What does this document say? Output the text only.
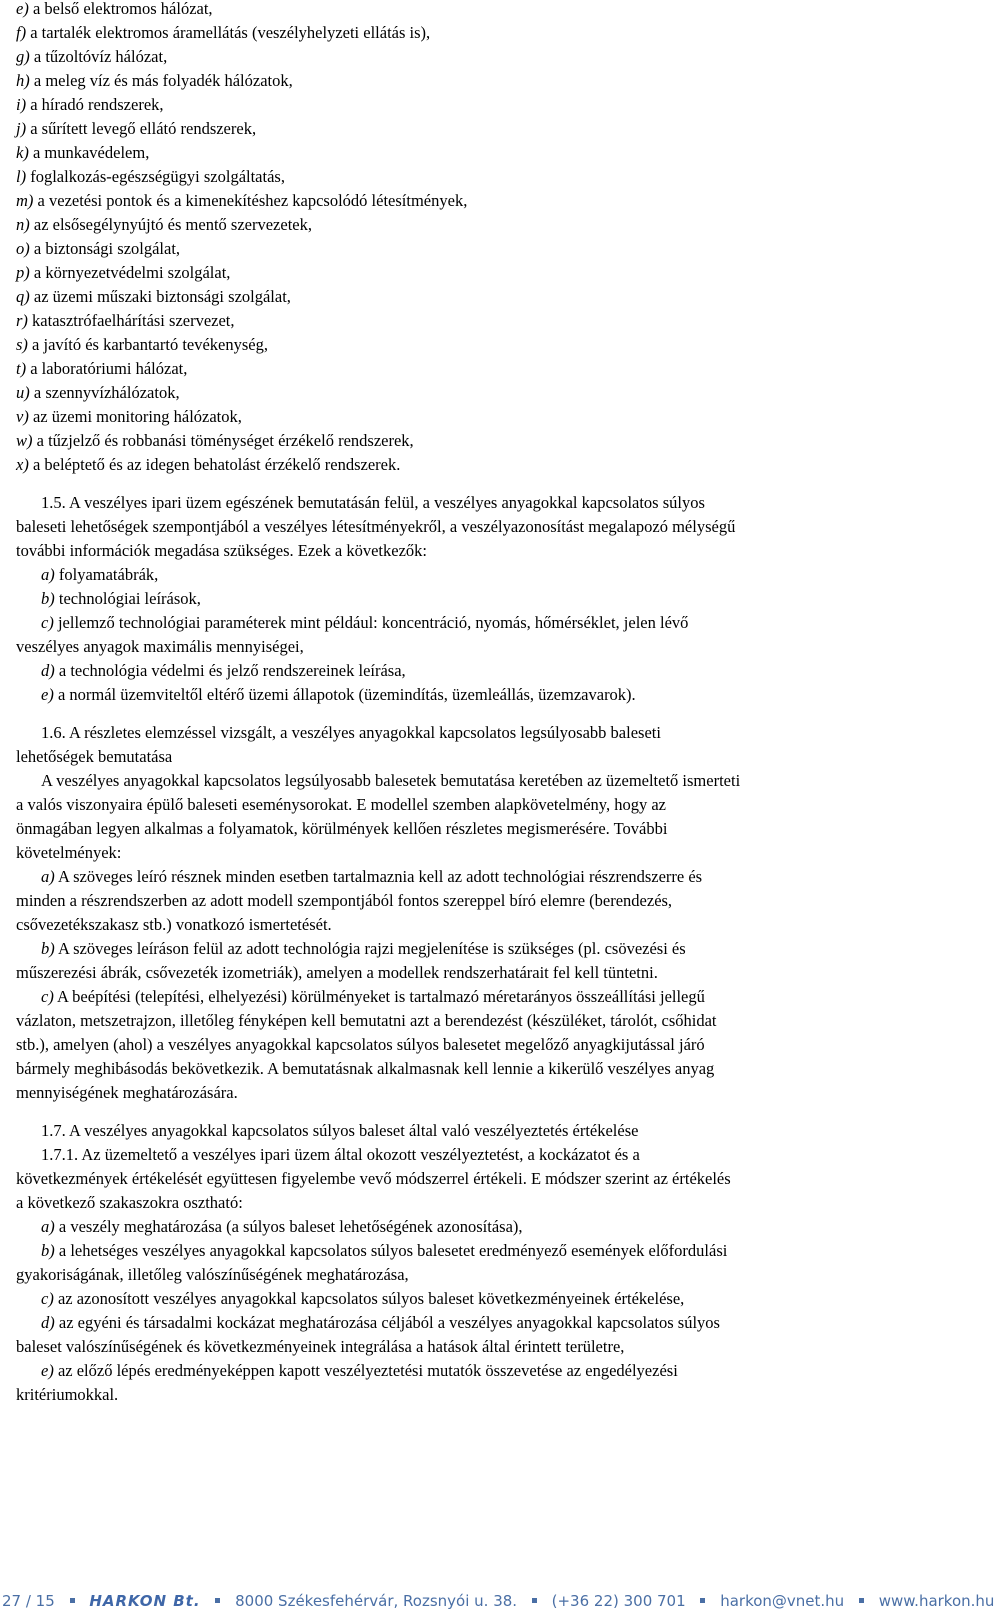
e) a belső elektromos hálózat,
f) a tartalék elektromos áramellátás (veszélyhelyzeti ellátás is),
g) a tűzoltóvíz hálózat,
h) a meleg víz és más folyadék hálózatok,
i) a híradó rendszerek,
j) a sűrített levegő ellátó rendszerek,
k) a munkavédelem,
l) foglalkozás-egészségügyi szolgáltatás,
m) a vezetési pontok és a kimenekítéshez kapcsolódó létesítmények,
n) az elsősegélynyújtó és mentő szervezetek,
o) a biztonsági szolgálat,
p) a környezetvédelmi szolgálat,
q) az üzemi műszaki biztonsági szolgálat,
r) katasztrófaelhárítási szervezet,
s) a javító és karbantartó tevékenység,
t) a laboratóriumi hálózat,
u) a szennyvízhálózatok,
v) az üzemi monitoring hálózatok,
w) a tűzjelző és robbanási töménységet érzékelő rendszerek,
x) a beléptető és az idegen behatolást érzékelő rendszerek.
1.5. A veszélyes ipari üzem egészének bemutatásán felül, a veszélyes anyagokkal kapcsolatos súlyos
baleseti lehetőségek szempontjából a veszélyes létesítményekről, a veszélyazonosítást megalapozó mélységű
további információk megadása szükséges. Ezek a következők:
a) folyamatábrák,
b) technológiai leírások,
c) jellemző technológiai paraméterek mint például: koncentráció, nyomás, hőmérséklet, jelen lévő
veszélyes anyagok maximális mennyiségei,
d) a technológia védelmi és jelző rendszereinek leírása,
e) a normál üzemviteltől eltérő üzemi állapotok (üzemindítás, üzemleállás, üzemzavarok).
1.6. A részletes elemzéssel vizsgált, a veszélyes anyagokkal kapcsolatos legsúlyosabb baleseti
lehetőségek bemutatása
A veszélyes anyagokkal kapcsolatos legsúlyosabb balesetek bemutatása keretében az üzemeltető ismerteti
a valós viszonyaira épülő baleseti eseménysorokat. E modellel szemben alapkövetelmény, hogy az
önmagában legyen alkalmas a folyamatok, körülmények kellően részletes megismerésére. További
követelmények:
a) A szöveges leíró résznek minden esetben tartalmaznia kell az adott technológiai részrendszerre és
minden a részrendszerben az adott modell szempontjából fontos szereppel bíró elemre (berendezés,
csővezetékszakasz stb.) vonatkozó ismertetését.
b) A szöveges leíráson felül az adott technológia rajzi megjelenítése is szükséges (pl. csövezési és
műszerezési ábrák, csővezeték izometriák), amelyen a modellek rendszerhatárait fel kell tüntetni.
c) A beépítési (telepítési, elhelyezési) körülményeket is tartalmazó méretarányos összeállítási jellegű
vázlaton, metszetrajzon, illetőleg fényképen kell bemutatni azt a berendezést (készüléket, tárolót, csőhidat
stb.), amelyen (ahol) a veszélyes anyagokkal kapcsolatos súlyos balesetet megelőző anyagkijutással járó
bármely meghibásodás bekövetkezik. A bemutatásnak alkalmasnak kell lennie a kikerülő veszélyes anyag
mennyiségének meghatározására.
1.7. A veszélyes anyagokkal kapcsolatos súlyos baleset által való veszélyeztetés értékelése
1.7.1. Az üzemeltető a veszélyes ipari üzem által okozott veszélyeztetést, a kockázatot és a
következmények értékelését együttesen figyelembe vevő módszerrel értékeli. E módszer szerint az értékelés
a következő szakaszokra osztható:
a) a veszély meghatározása (a súlyos baleset lehetőségének azonosítása),
b) a lehetséges veszélyes anyagokkal kapcsolatos súlyos balesetet eredményező események előfordulási
gyakoriságának, illetőleg valószínűségének meghatározása,
c) az azonosított veszélyes anyagokkal kapcsolatos súlyos baleset következményeinek értékelése,
d) az egyéni és társadalmi kockázat meghatározása céljából a veszélyes anyagokkal kapcsolatos súlyos
baleset valószínűségének és következményeinek integrálása a hatások által érintett területre,
e) az előző lépés eredményeképpen kapott veszélyeztetési mutatók összevetése az engedélyezési
kritériumokkal.
27 / 15 HARKON Bt. 8000 Székesfehérvár, Rozsnyói u. 38. (+36 22) 300 701 harkon@vnet.hu www.harkon.hu
